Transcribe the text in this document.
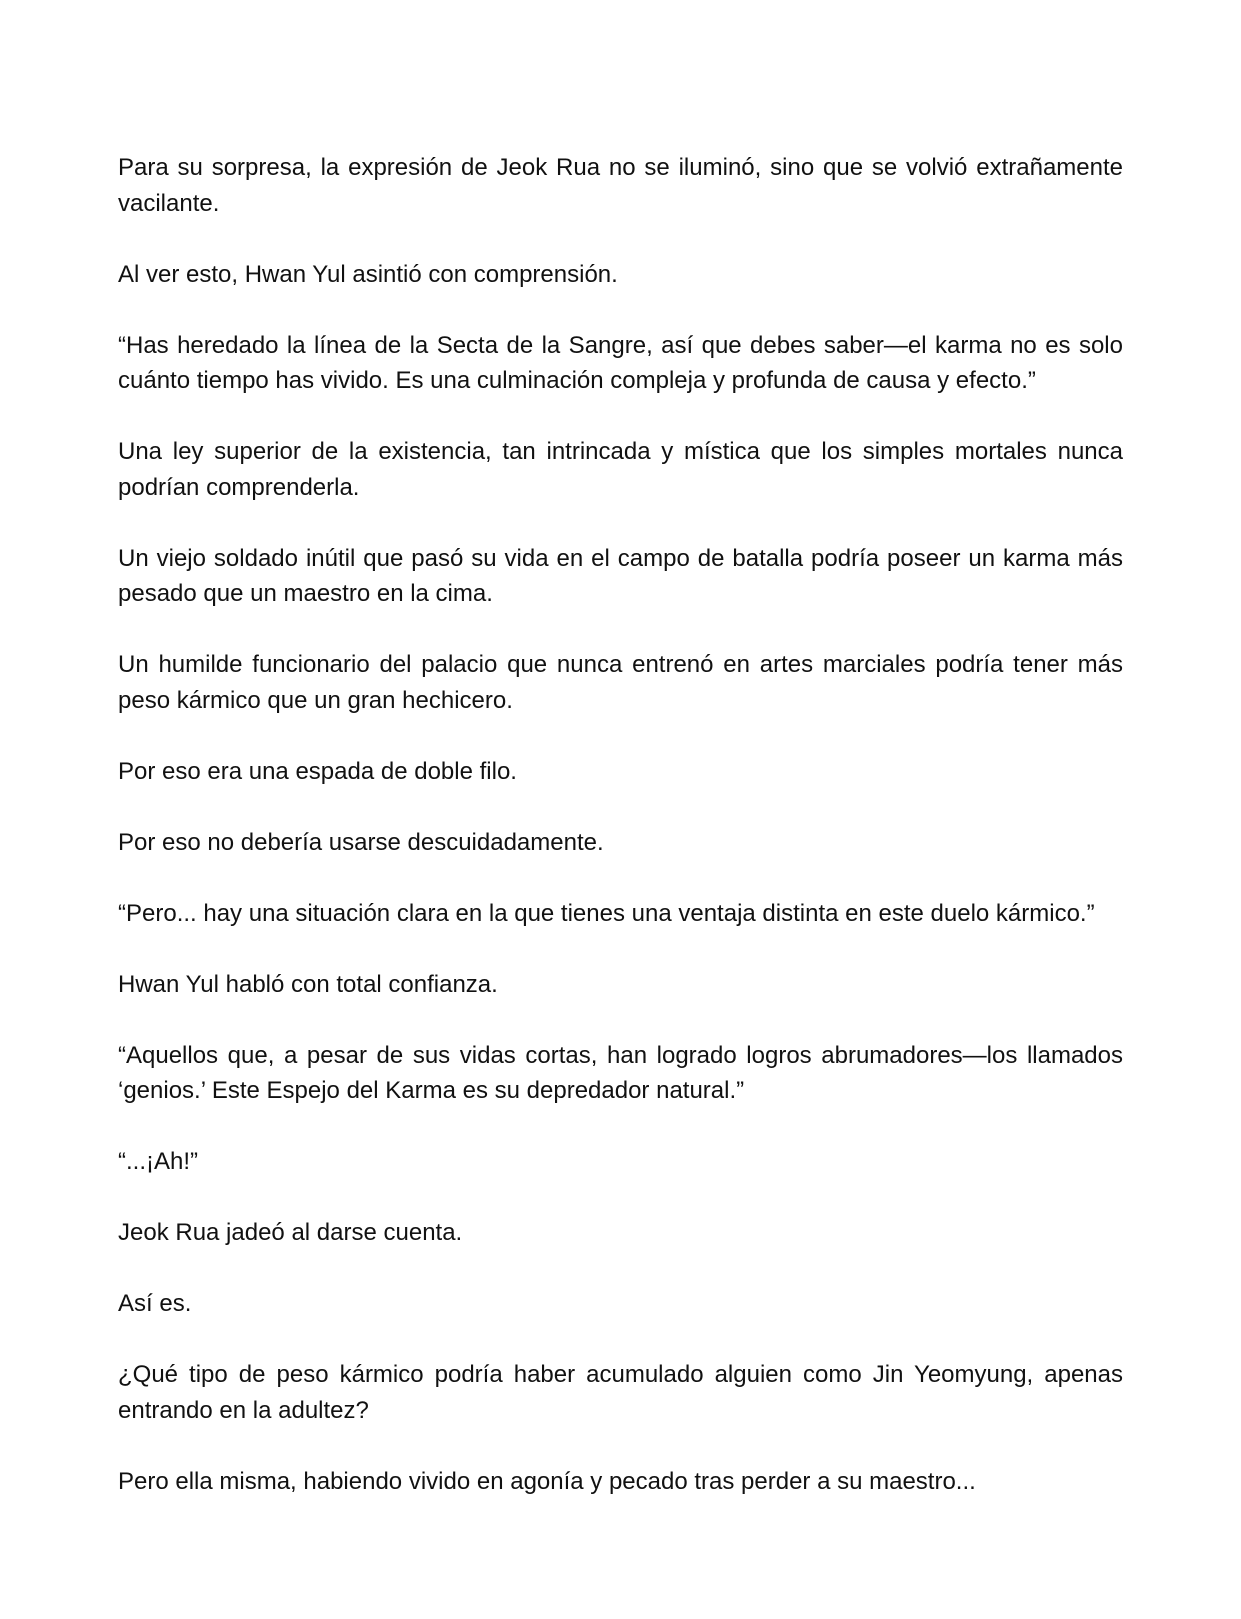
Para su sorpresa, la expresión de Jeok Rua no se iluminó, sino que se volvió extrañamente vacilante.

Al ver esto, Hwan Yul asintió con comprensión.

“Has heredado la línea de la Secta de la Sangre, así que debes saber—el karma no es solo cuánto tiempo has vivido. Es una culminación compleja y profunda de causa y efecto.”

Una ley superior de la existencia, tan intrincada y mística que los simples mortales nunca podrían comprenderla.

Un viejo soldado inútil que pasó su vida en el campo de batalla podría poseer un karma más pesado que un maestro en la cima.

Un humilde funcionario del palacio que nunca entrenó en artes marciales podría tener más peso kármico que un gran hechicero.

Por eso era una espada de doble filo.

Por eso no debería usarse descuidadamente.

“Pero... hay una situación clara en la que tienes una ventaja distinta en este duelo kármico.”

Hwan Yul habló con total confianza.

“Aquellos que, a pesar de sus vidas cortas, han logrado logros abrumadores—los llamados ‘genios.’ Este Espejo del Karma es su depredador natural.”

“...¡Ah!”

Jeok Rua jadeó al darse cuenta.

Así es.

¿Qué tipo de peso kármico podría haber acumulado alguien como Jin Yeomyung, apenas entrando en la adultez?

Pero ella misma, habiendo vivido en agonía y pecado tras perder a su maestro...
